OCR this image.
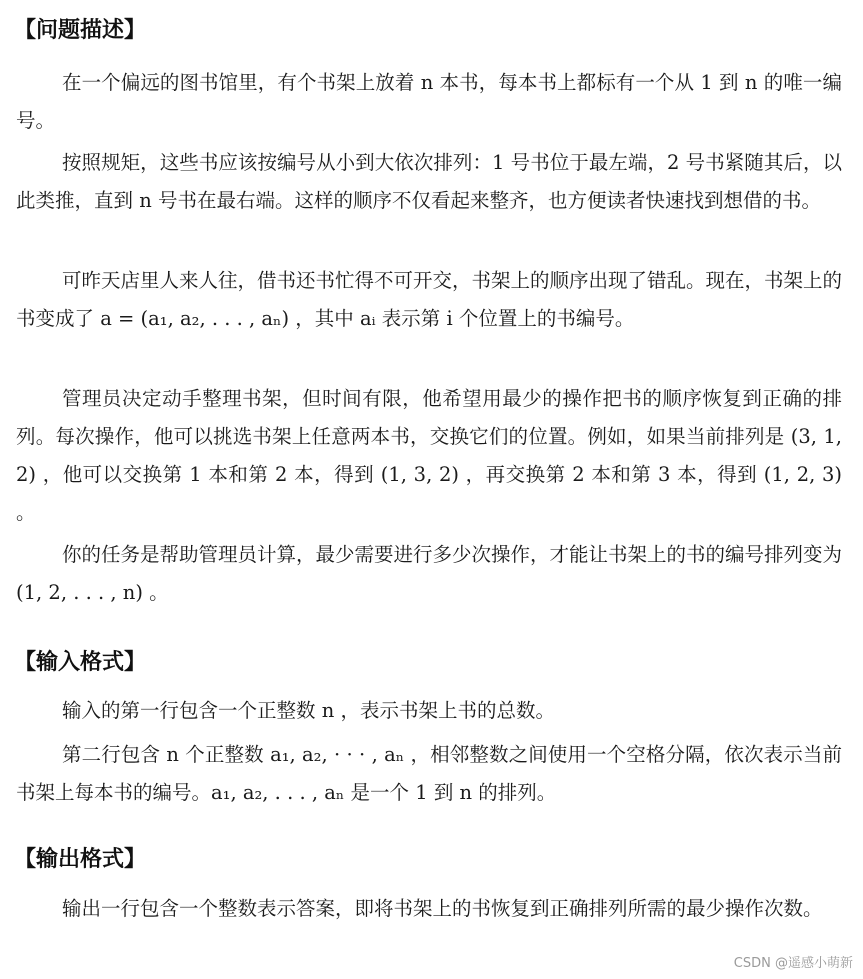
【问题描述】

在一个偏远的图书馆里，有个书架上放着 n 本书，每本书上都标有一个从 1 到 n 的唯一编号。

按照规矩，这些书应该按编号从小到大依次排列：1 号书位于最左端，2 号书紧随其后，以此类推，直到 n 号书在最右端。这样的顺序不仅看起来整齐，也方便读者快速找到想借的书。

可昨天店里人来人往，借书还书忙得不可开交，书架上的顺序出现了错乱。现在，书架上的书变成了 a = (a₁, a₂, . . . , aₙ) ，其中 aᵢ 表示第 i 个位置上的书编号。

管理员决定动手整理书架，但时间有限，他希望用最少的操作把书的顺序恢复到正确的排列。每次操作，他可以挑选书架上任意两本书，交换它们的位置。例如，如果当前排列是 (3, 1, 2) ，他可以交换第 1 本和第 2 本，得到 (1, 3, 2) ，再交换第 2 本和第 3 本，得到 (1, 2, 3) 。

你的任务是帮助管理员计算，最少需要进行多少次操作，才能让书架上的书的编号排列变为 (1, 2, . . . , n) 。

【输入格式】

输入的第一行包含一个正整数 n ，表示书架上书的总数。

第二行包含 n 个正整数 a₁, a₂, · · · , aₙ ，相邻整数之间使用一个空格分隔，依次表示当前书架上每本书的编号。a₁, a₂, . . . , aₙ 是一个 1 到 n 的排列。

【输出格式】

输出一行包含一个整数表示答案，即将书架上的书恢复到正确排列所需的最少操作次数。

CSDN @遥感小萌新
